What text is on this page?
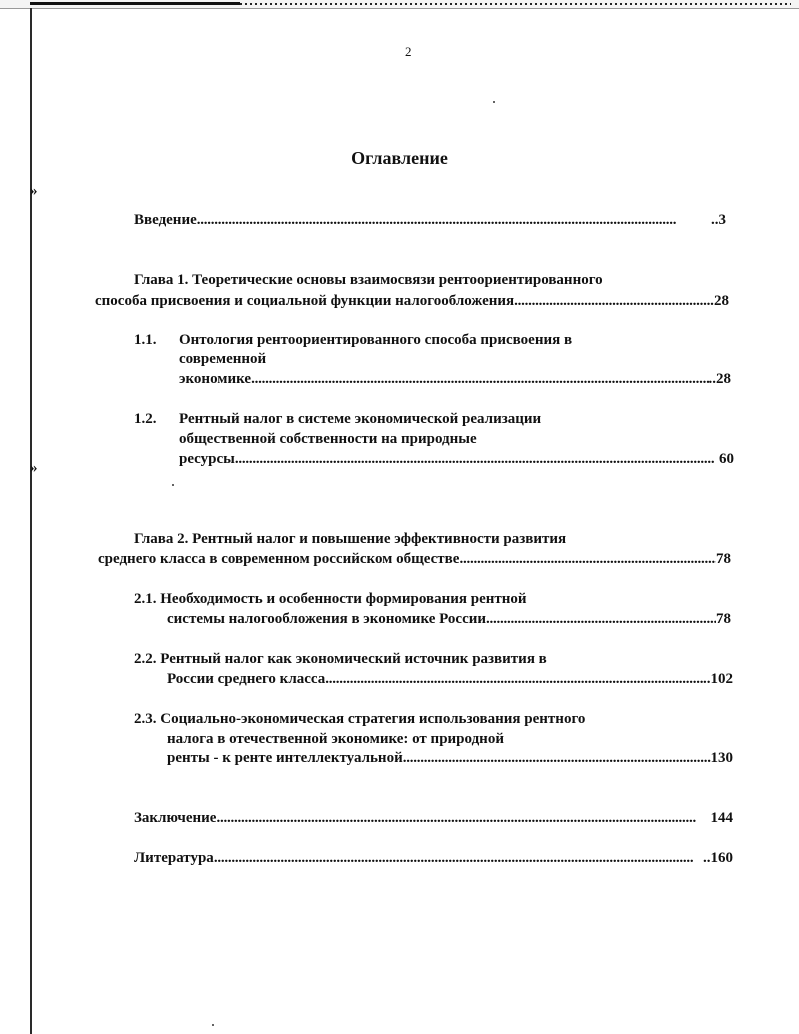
»
»
2
Оглавление
Введение . . .	..3
Глава 1. Теоретические основы взаимосвязи рентоориентированного
способа присвоения и социальной функции налогообложения . . .	28
1.1. Онтология рентоориентированного способа присвоения в
современной
экономике . . .	..28
1.2. Рентный налог в системе экономической реализации
общественной собственности на природные
ресурсы . . .	60
Глава 2. Рентный налог и повышение эффективности развития
среднего класса в современном российском обществе . . .	78
2.1. Необходимость и особенности формирования рентной
системы налогообложения в экономике России . . .	78
2.2. Рентный налог как экономический источник развития в
России среднего класса . . .	..102
2.3. Социально-экономическая стратегия использования рентного
налога в отечественной экономике: от природной
ренты - к ренте интеллектуальной . . .	130
Заключение . . .	144
Литература . . .	..160
